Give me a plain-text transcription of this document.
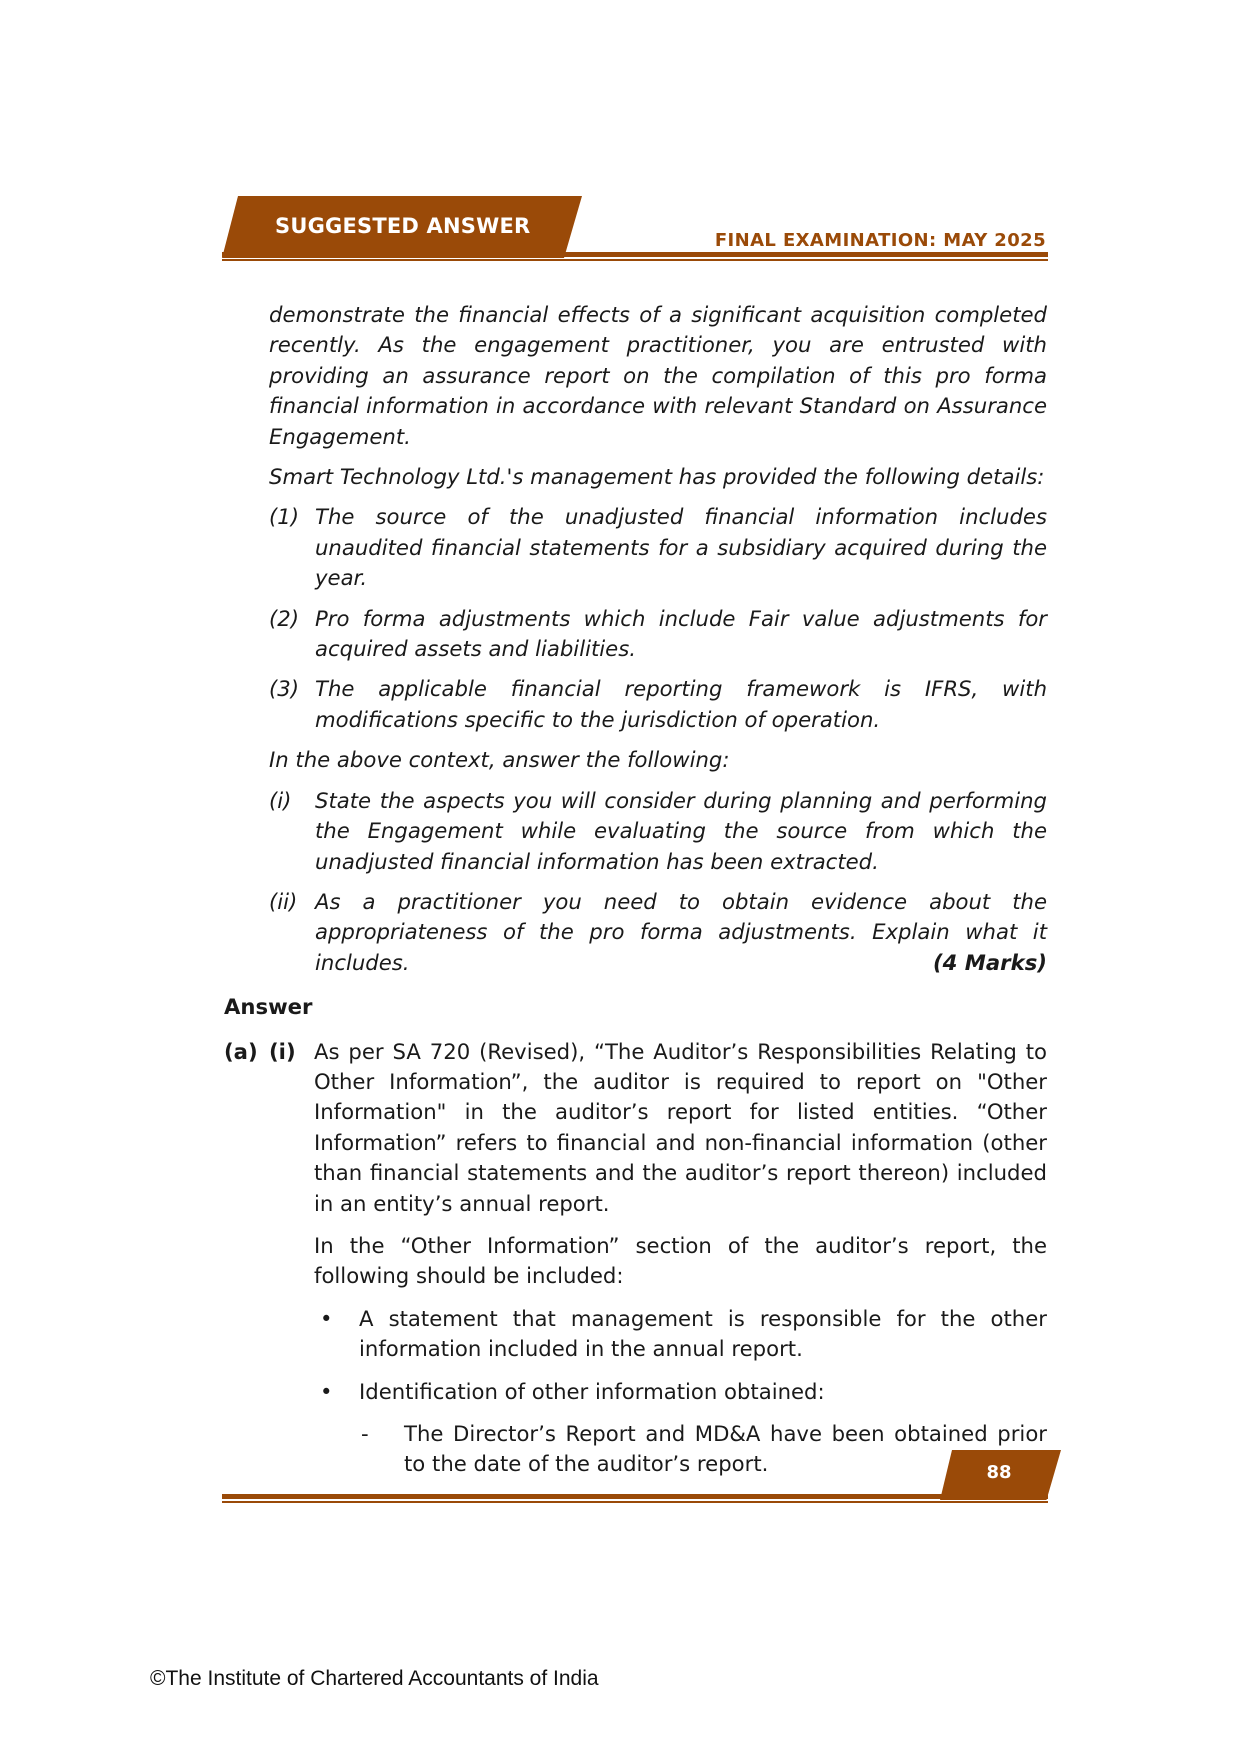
SUGGESTED ANSWER
FINAL EXAMINATION: MAY 2025

demonstrate the financial effects of a significant acquisition completed recently. As the engagement practitioner, you are entrusted with providing an assurance report on the compilation of this pro forma financial information in accordance with relevant Standard on Assurance Engagement.

Smart Technology Ltd.'s management has provided the following details:

(1) The source of the unadjusted financial information includes unaudited financial statements for a subsidiary acquired during the year.
(2) Pro forma adjustments which include Fair value adjustments for acquired assets and liabilities.
(3) The applicable financial reporting framework is IFRS, with modifications specific to the jurisdiction of operation.

In the above context, answer the following:

(i)	State the aspects you will consider during planning and performing the Engagement while evaluating the source from which the unadjusted financial information has been extracted.
(ii) As a practitioner you need to obtain evidence about the appropriateness of the pro forma adjustments. Explain what it includes.	(4 Marks)

Answer

(a) (i) As per SA 720 (Revised), “The Auditor’s Responsibilities Relating to Other Information”, the auditor is required to report on "Other Information" in the auditor’s report for listed entities. “Other Information” refers to financial and non-financial information (other than financial statements and the auditor’s report thereon) included in an entity’s annual report.

In the “Other Information” section of the auditor’s report, the following should be included:

•	A statement that management is responsible for the other information included in the annual report.
•	Identification of other information obtained:
-	The Director’s Report and MD&A have been obtained prior to the date of the auditor’s report.	88
©The Institute of Chartered Accountants of India
